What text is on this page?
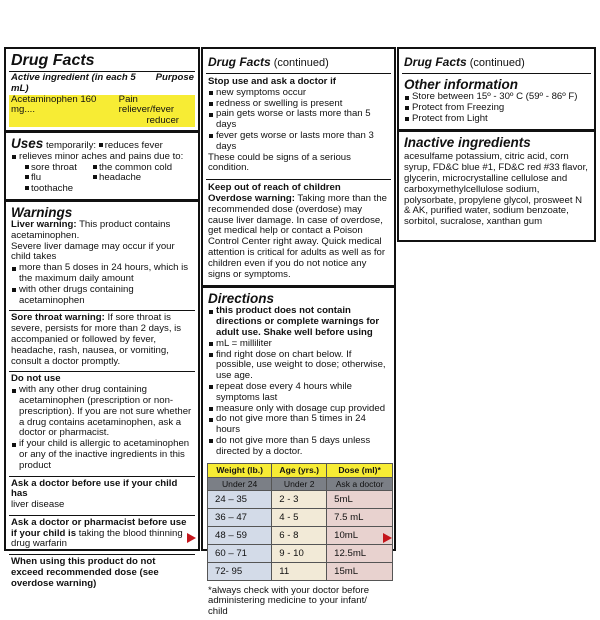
Drug Facts
Active ingredient (in each 5 mL)
Purpose
Acetaminophen 160 mg....
Pain reliever/fever
reducer
Uses temporarily: reduces fever
relieves minor aches and pains due to:
sore throat	the common cold
flu	headache
toothache
Warnings
Liver warning: This product contains acetaminophen.
Severe liver damage may occur if your child takes
more than 5 doses in 24 hours, which is the maximum daily amount
with other drugs containing acetaminophen
Sore throat warning: If sore throat is severe, persists for more than 2 days, is accompanied or followed by fever, headache, rash, nausea, or vomiting, consult a doctor promptly.
Do not use
with any other drug containing acetaminophen (prescription or non-prescription). If you are not sure whether a drug contains acetaminophen, ask a doctor or pharmacist.
if your child is allergic to acetaminophen or any of the inactive ingredients in this product
Ask a doctor before use if your child has
liver disease
Ask a doctor or pharmacist before use if your child is taking the blood thinning drug warfarin
When using this product do not exceed recommended dose (see overdose warning)
Drug Facts (continued)
Stop use and ask a doctor if
new symptoms occur
redness or swelling is present
pain gets worse or lasts more than 5 days
fever gets worse or lasts more than 3 days
These could be signs of a serious condition.
Keep out of reach of children
Overdose warning: Taking more than the recommended dose (overdose) may cause liver damage. In case of overdose, get medical help or contact a Poison Control Center right away. Quick medical attention is critical for adults as well as for children even if you do not notice any signs or symptoms.
Directions
this product does not contain directions or complete warnings for adult use. Shake well before using
mL = milliliter
find right dose on chart below. If possible, use weight to dose; otherwise, use age.
repeat dose every 4 hours while symptoms last
measure only with dosage cup provided
do not give more than 5 times in 24 hours
do not give more than 5 days unless directed by a doctor.
Weight (lb.)	Age (yrs.)	Dose (ml)*
Under 24	Under 2	Ask a doctor
24 – 35	2 - 3	5mL
36 – 47	4 - 5	7.5 mL
48 – 59	6 - 8	10mL
60 – 71	9 - 10	12.5mL
72- 95	11	15mL
*always check with your doctor before administering medicine to your infant/ child
Drug Facts (continued)
Other information
Store between 15º - 30º C (59º - 86º F)
Protect from Freezing
Protect from Light
Inactive ingredients
acesulfame potassium, citric acid, corn syrup, FD&C blue #1, FD&C red #33 flavor, glycerin, microcrystalline cellulose and carboxymethylcellulose sodium, polysorbate, propylene glycol, prosweet N & AK, purified water, sodium benzoate, sorbitol, sucralose, xanthan gum
